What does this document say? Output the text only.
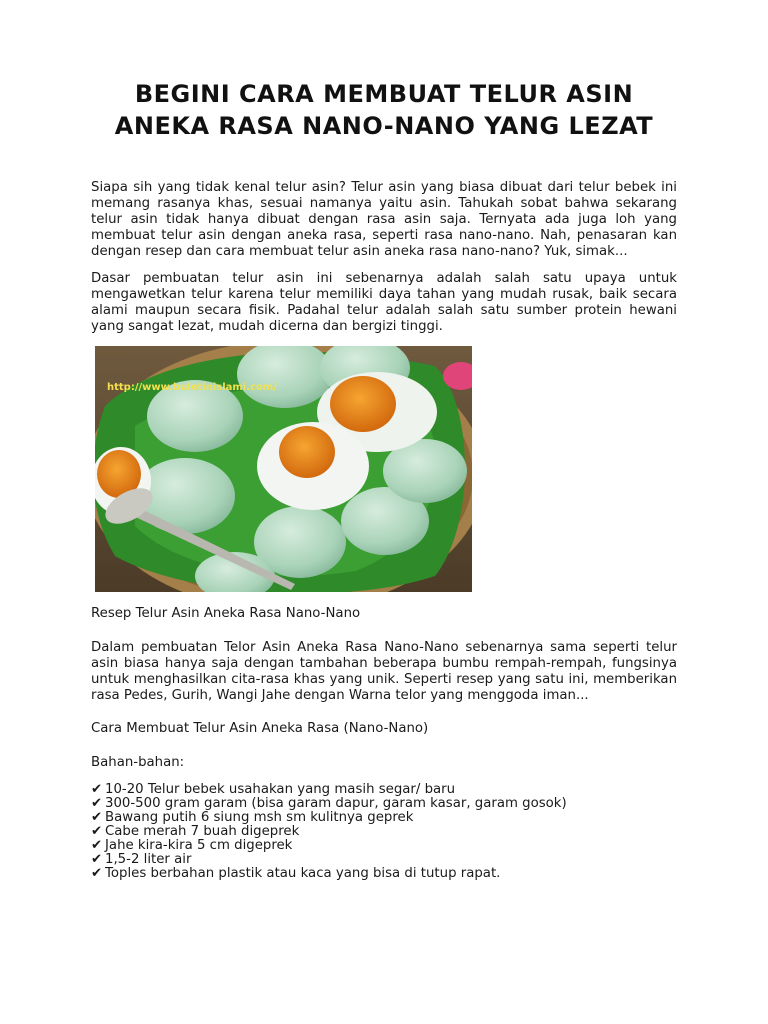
BEGINI CARA MEMBUAT TELUR ASIN ANEKA RASA NANO-NANO YANG LEZAT

Siapa sih yang tidak kenal telur asin? Telur asin yang biasa dibuat dari telur bebek ini memang rasanya khas, sesuai namanya yaitu asin. Tahukah sobat bahwa sekarang telur asin tidak hanya dibuat dengan rasa asin saja. Ternyata ada juga loh yang membuat telur asin dengan aneka rasa, seperti rasa nano-nano. Nah, penasaran kan dengan resep dan cara membuat telur asin aneka rasa nano-nano? Yuk, simak...

Dasar pembuatan telur asin ini sebenarnya adalah salah satu upaya untuk mengawetkan telur karena telur memiliki daya tahan yang mudah rusak, baik secara alami maupun secara fisik. Padahal telur adalah salah satu sumber protein hewani yang sangat lezat, mudah dicerna dan bergizi tinggi.

http://www.buletinislami.com/

Resep Telur Asin Aneka Rasa Nano-Nano

Dalam pembuatan Telor Asin Aneka Rasa Nano-Nano sebenarnya sama seperti telur asin biasa hanya saja dengan tambahan beberapa bumbu rempah-rempah, fungsinya untuk menghasilkan cita-rasa khas yang unik. Seperti resep yang satu ini, memberikan rasa Pedes, Gurih, Wangi Jahe dengan Warna telor yang menggoda iman...

Cara Membuat Telur Asin Aneka Rasa (Nano-Nano)

Bahan-bahan:

✔ 10-20 Telur bebek usahakan yang masih segar/ baru
✔ 300-500 gram garam (bisa garam dapur, garam kasar, garam gosok)
✔ Bawang putih 6 siung msh sm kulitnya geprek
✔ Cabe merah 7 buah digeprek
✔ Jahe kira-kira 5 cm digeprek
✔ 1,5-2 liter air
✔ Toples berbahan plastik atau kaca yang bisa di tutup rapat.
